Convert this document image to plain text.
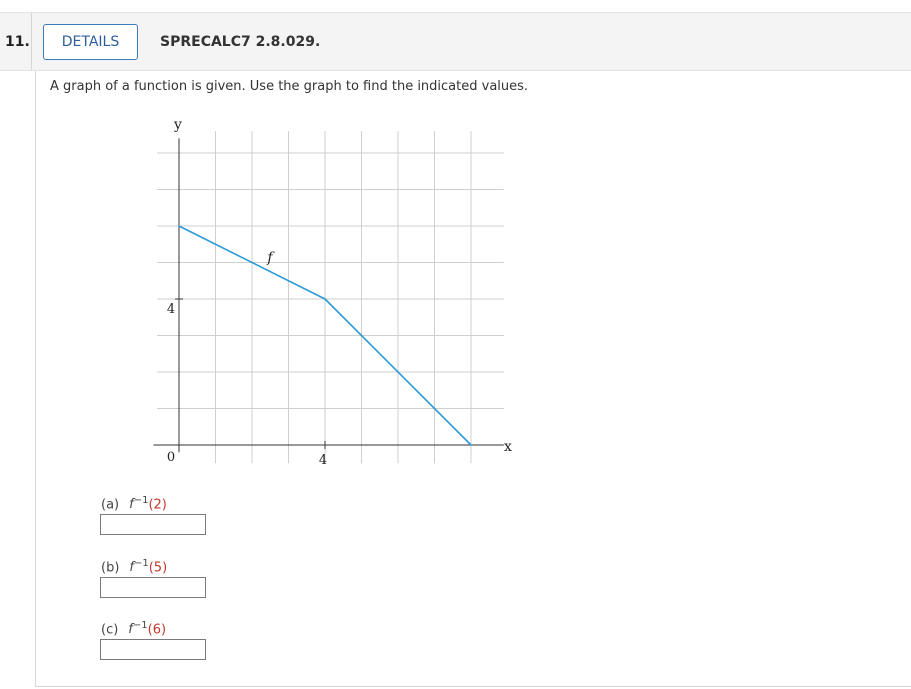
11.	DETAILS	SPRECALC7 2.8.029.
A graph of a function is given. Use the graph to find the indicated values.
y
x
0	4
4
f
(a) $f^{-1}(2)$
(b) $f^{-1}(5)$
(c) $f^{-1}(6)$
